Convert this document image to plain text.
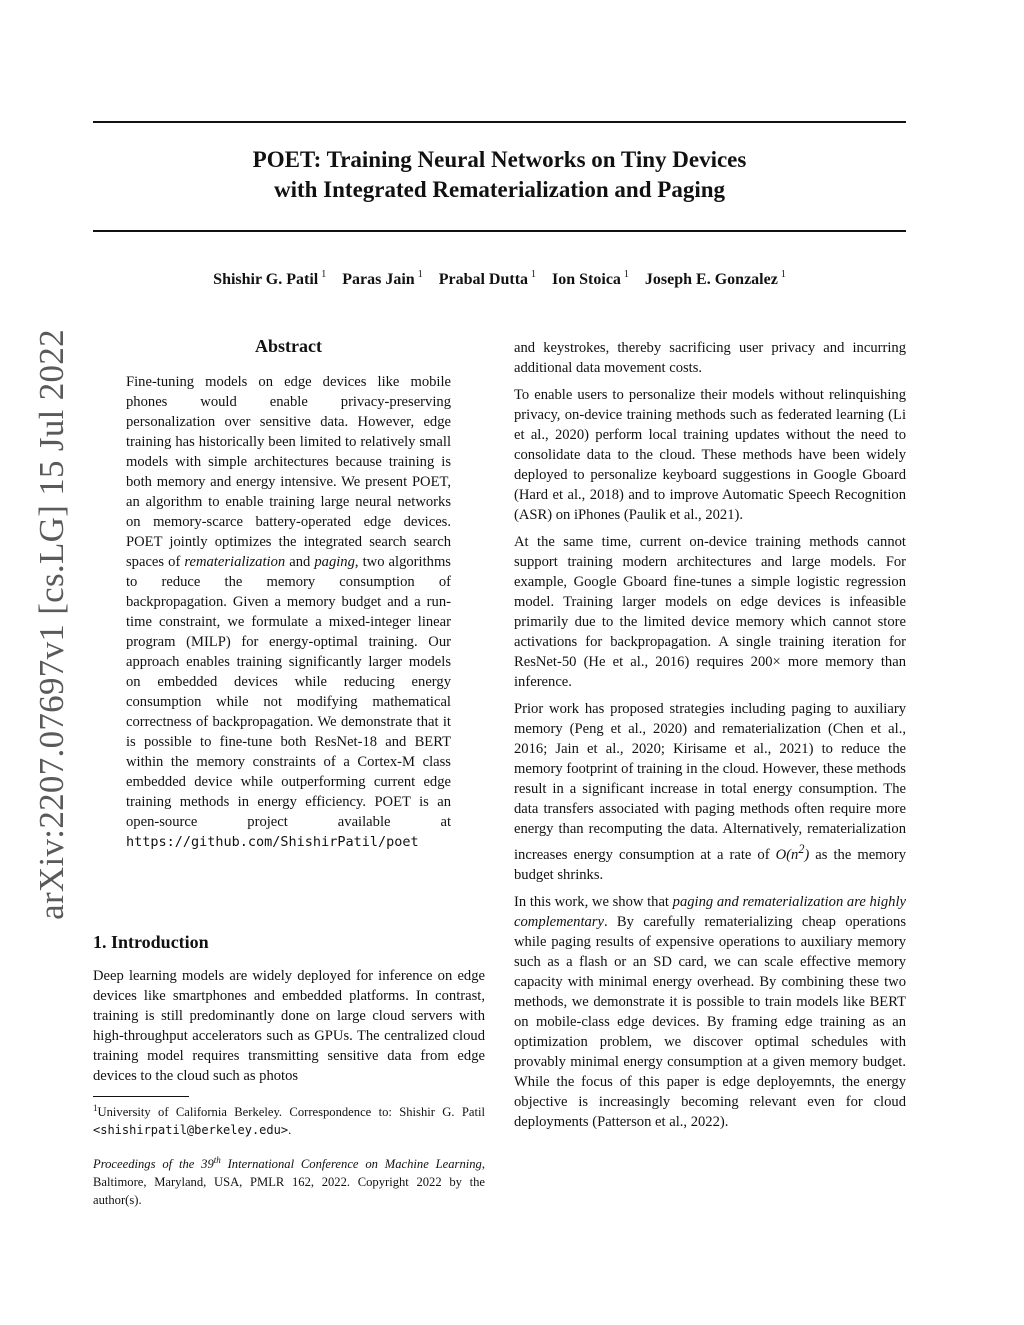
POET: Training Neural Networks on Tiny Devices
with Integrated Rematerialization and Paging
Shishir G. Patil $^1$ Paras Jain $^1$ Prabal Dutta $^1$ Ion Stoica $^1$ Joseph E. Gonzalez $^1$
arXiv:2207.07697v1 [cs.LG] 15 Jul 2022	Abstract
Fine-tuning models on edge devices like mobile phones would enable privacy-preserving personalization over sensitive data. However, edge training has historically been limited to relatively small models with simple architectures because training is both memory and energy intensive. We present POET, an algorithm to enable training large neural networks on memory-scarce battery-operated edge devices. POET jointly optimizes the integrated search search spaces of rematerialization and paging, two algorithms to reduce the memory consumption of backpropagation. Given a memory budget and a run-time constraint, we formulate a mixed-integer linear program (MILP) for energy-optimal training. Our approach enables training significantly larger models on embedded devices while reducing energy consumption while not modifying mathematical correctness of backpropagation. We demonstrate that it is possible to fine-tune both ResNet-18 and BERT within the memory constraints of a Cortex-M class embedded device while outperforming current edge training methods in energy efficiency. POET is an open-source project available at https://github.com/ShishirPatil/poet
1. Introduction

Deep learning models are widely deployed for inference on edge devices like smartphones and embedded platforms. In contrast, training is still predominantly done on large cloud servers with high-throughput accelerators such as GPUs. The centralized cloud training model requires transmitting sensitive data from edge devices to the cloud such as photos

$^1$University of California Berkeley. Correspondence to: Shishir G. Patil <shishirpatil@berkeley.edu>.
Proceedings of the 39th International Conference on Machine Learning, Baltimore, Maryland, USA, PMLR 162, 2022. Copyright 2022 by the author(s).

and keystrokes, thereby sacrificing user privacy and incurring additional data movement costs.

To enable users to personalize their models without relinquishing privacy, on-device training methods such as federated learning (Li et al., 2020) perform local training updates without the need to consolidate data to the cloud. These methods have been widely deployed to personalize keyboard suggestions in Google Gboard (Hard et al., 2018) and to improve Automatic Speech Recognition (ASR) on iPhones (Paulik et al., 2021).

At the same time, current on-device training methods cannot support training modern architectures and large models. For example, Google Gboard fine-tunes a simple logistic regression model. Training larger models on edge devices is infeasible primarily due to the limited device memory which cannot store activations for backpropagation. A single training iteration for ResNet-50 (He et al., 2016) requires 200× more memory than inference.

Prior work has proposed strategies including paging to auxiliary memory (Peng et al., 2020) and rematerialization (Chen et al., 2016; Jain et al., 2020; Kirisame et al., 2021) to reduce the memory footprint of training in the cloud. However, these methods result in a significant increase in total energy consumption. The data transfers associated with paging methods often require more energy than recomputing the data. Alternatively, rematerialization increases energy consumption at a rate of $O(n^2)$ as the memory budget shrinks.

In this work, we show that paging and rematerialization are highly complementary. By carefully rematerializing cheap operations while paging results of expensive operations to auxiliary memory such as a flash or an SD card, we can scale effective memory capacity with minimal energy overhead. By combining these two methods, we demonstrate it is possible to train models like BERT on mobile-class edge devices. By framing edge training as an optimization problem, we discover optimal schedules with provably minimal energy consumption at a given memory budget. While the focus of this paper is edge deployemnts, the energy objective is increasingly becoming relevant even for cloud deployments (Patterson et al., 2022).
